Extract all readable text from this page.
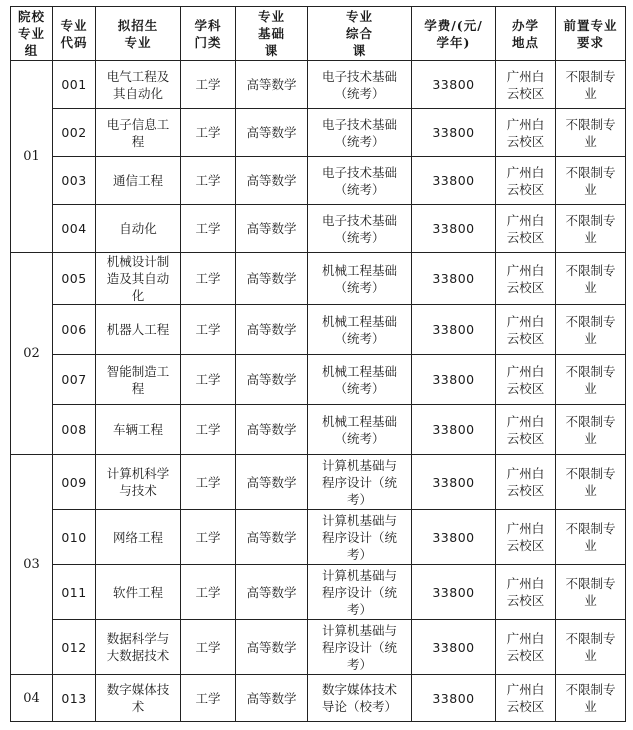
院校专业组	专业代码	拟招生专业	学科门类	专业基础课	专业综合课	学费/(元/学年)	办学地点	前置专业要求

01	001	电气工程及其自动化	工学	高等数学	电子技术基础（统考）	33800	广州白云校区	不限制专业

	002	电子信息工程	工学	高等数学	电子技术基础（统考）	33800	广州白云校区	不限制专业

	003	通信工程	工学	高等数学	电子技术基础（统考）	33800	广州白云校区	不限制专业

	004	自动化	工学	高等数学	电子技术基础（统考）	33800	广州白云校区	不限制专业

02	005	机械设计制造及其自动化	工学	高等数学	机械工程基础（统考）	33800	广州白云校区	不限制专业

	006	机器人工程	工学	高等数学	机械工程基础（统考）	33800	广州白云校区	不限制专业

	007	智能制造工程	工学	高等数学	机械工程基础（统考）	33800	广州白云校区	不限制专业

	008	车辆工程	工学	高等数学	机械工程基础（统考）	33800	广州白云校区	不限制专业

03	009	计算机科学与技术	工学	高等数学	计算机基础与程序设计（统考）	33800	广州白云校区	不限制专业

	010	网络工程	工学	高等数学	计算机基础与程序设计（统考）	33800	广州白云校区	不限制专业

	011	软件工程	工学	高等数学	计算机基础与程序设计（统考）	33800	广州白云校区	不限制专业

	012	数据科学与大数据技术	工学	高等数学	计算机基础与程序设计（统考）	33800	广州白云校区	不限制专业

04	013	数字媒体技术	工学	高等数学	数字媒体技术导论（校考）	33800	广州白云校区	不限制专业
